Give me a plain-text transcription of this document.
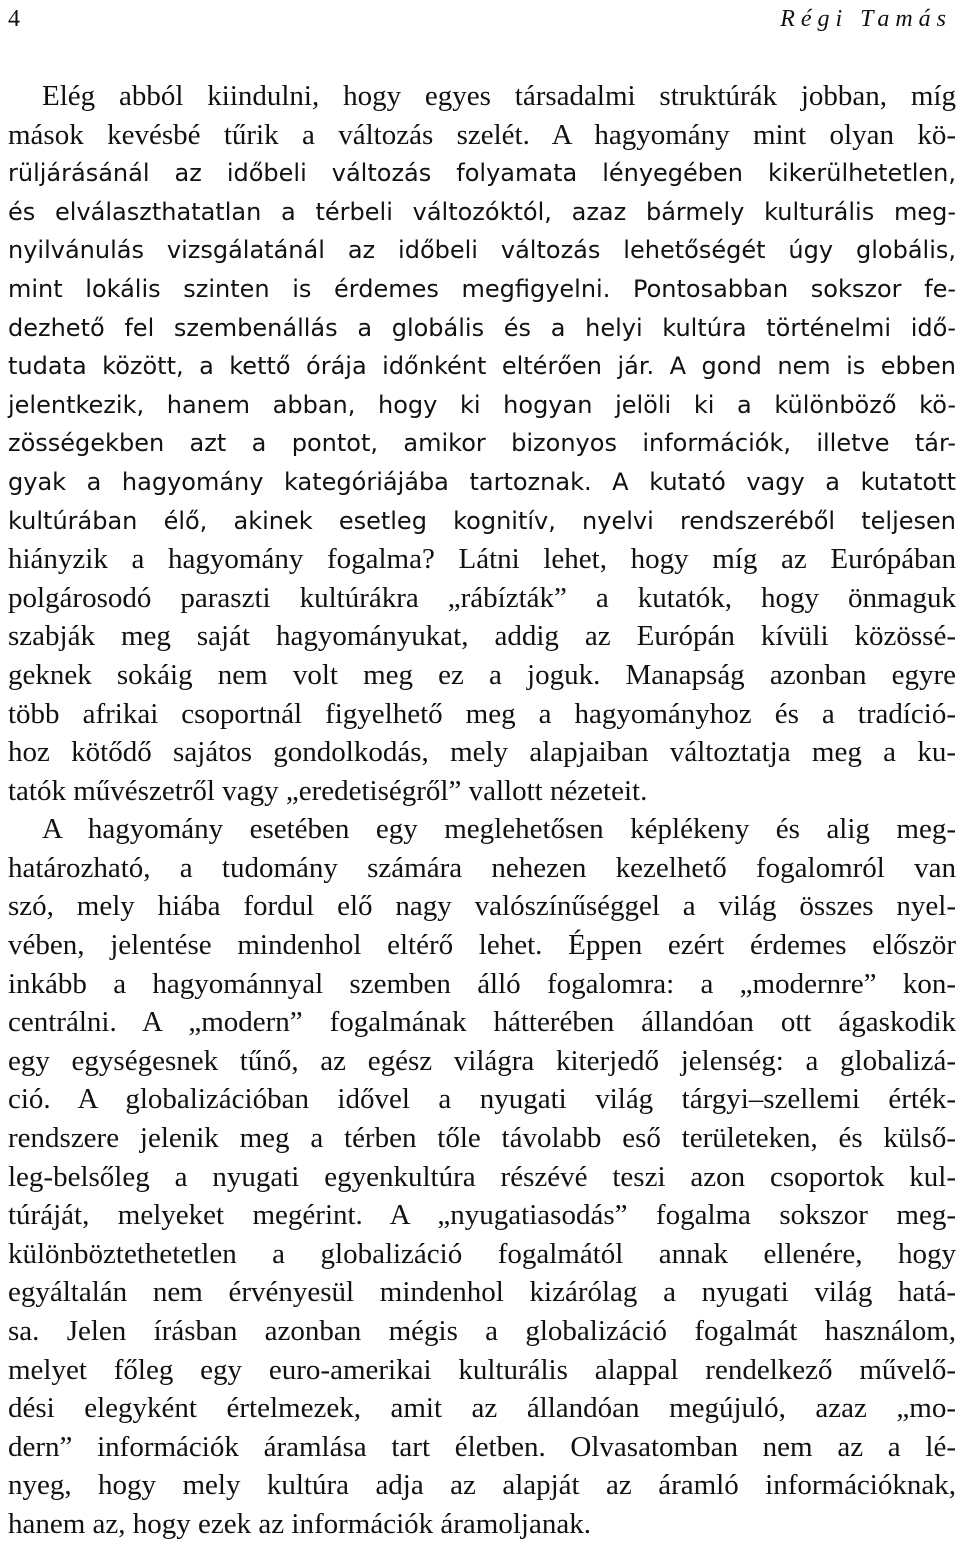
4	Régi Tamás
Elég abból kiindulni, hogy egyes társadalmi struktúrák jobban, míg
mások kevésbé tűrik a változás szelét. A hagyomány mint olyan kö-
rüljárásánál az időbeli változás folyamata lényegében kikerülhetetlen,
és elválaszthatatlan a térbeli változóktól, azaz bármely kulturális meg-
nyilvánulás vizsgálatánál az időbeli változás lehetőségét úgy globális,
mint lokális szinten is érdemes megfigyelni. Pontosabban sokszor fe-
dezhető fel szembenállás a globális és a helyi kultúra történelmi idő-
tudata között, a kettő órája időnként eltérően jár. A gond nem is ebben
jelentkezik, hanem abban, hogy ki hogyan jelöli ki a különböző kö-
zösségekben azt a pontot, amikor bizonyos információk, illetve tár-
gyak a hagyomány kategóriájába tartoznak. A kutató vagy a kutatott
kultúrában élő, akinek esetleg kognitív, nyelvi rendszeréből teljesen
hiányzik a hagyomány fogalma? Látni lehet, hogy míg az Európában
polgárosodó paraszti kultúrákra „rábízták” a kutatók, hogy önmaguk
szabják meg saját hagyományukat, addig az Európán kívüli közössé-
geknek sokáig nem volt meg ez a joguk. Manapság azonban egyre
több afrikai csoportnál figyelhető meg a hagyományhoz és a tradíció-
hoz kötődő sajátos gondolkodás, mely alapjaiban változtatja meg a ku-
tatók művészetről vagy „eredetiségről” vallott nézeteit.
A hagyomány esetében egy meglehetősen képlékeny és alig meg-
határozható, a tudomány számára nehezen kezelhető fogalomról van
szó, mely hiába fordul elő nagy valószínűséggel a világ összes nyel-
vében, jelentése mindenhol eltérő lehet. Éppen ezért érdemes először
inkább a hagyománnyal szemben álló fogalomra: a „modernre” kon-
centrálni. A „modern” fogalmának hátterében állandóan ott ágaskodik
egy egységesnek tűnő, az egész világra kiterjedő jelenség: a globalizá-
ció. A globalizációban idővel a nyugati világ tárgyi–szellemi érték-
rendszere jelenik meg a térben tőle távolabb eső területeken, és külső-
leg-belsőleg a nyugati egyenkultúra részévé teszi azon csoportok kul-
túráját, melyeket megérint. A „nyugatiasodás” fogalma sokszor meg-
különböztethetetlen a globalizáció fogalmától annak ellenére, hogy
egyáltalán nem érvényesül mindenhol kizárólag a nyugati világ hatá-
sa. Jelen írásban azonban mégis a globalizáció fogalmát használom,
melyet főleg egy euro-amerikai kulturális alappal rendelkező művelő-
dési elegyként értelmezek, amit az állandóan megújuló, azaz „mo-
dern” információk áramlása tart életben. Olvasatomban nem az a lé-
nyeg, hogy mely kultúra adja az alapját az áramló információknak,
hanem az, hogy ezek az információk áramoljanak.
